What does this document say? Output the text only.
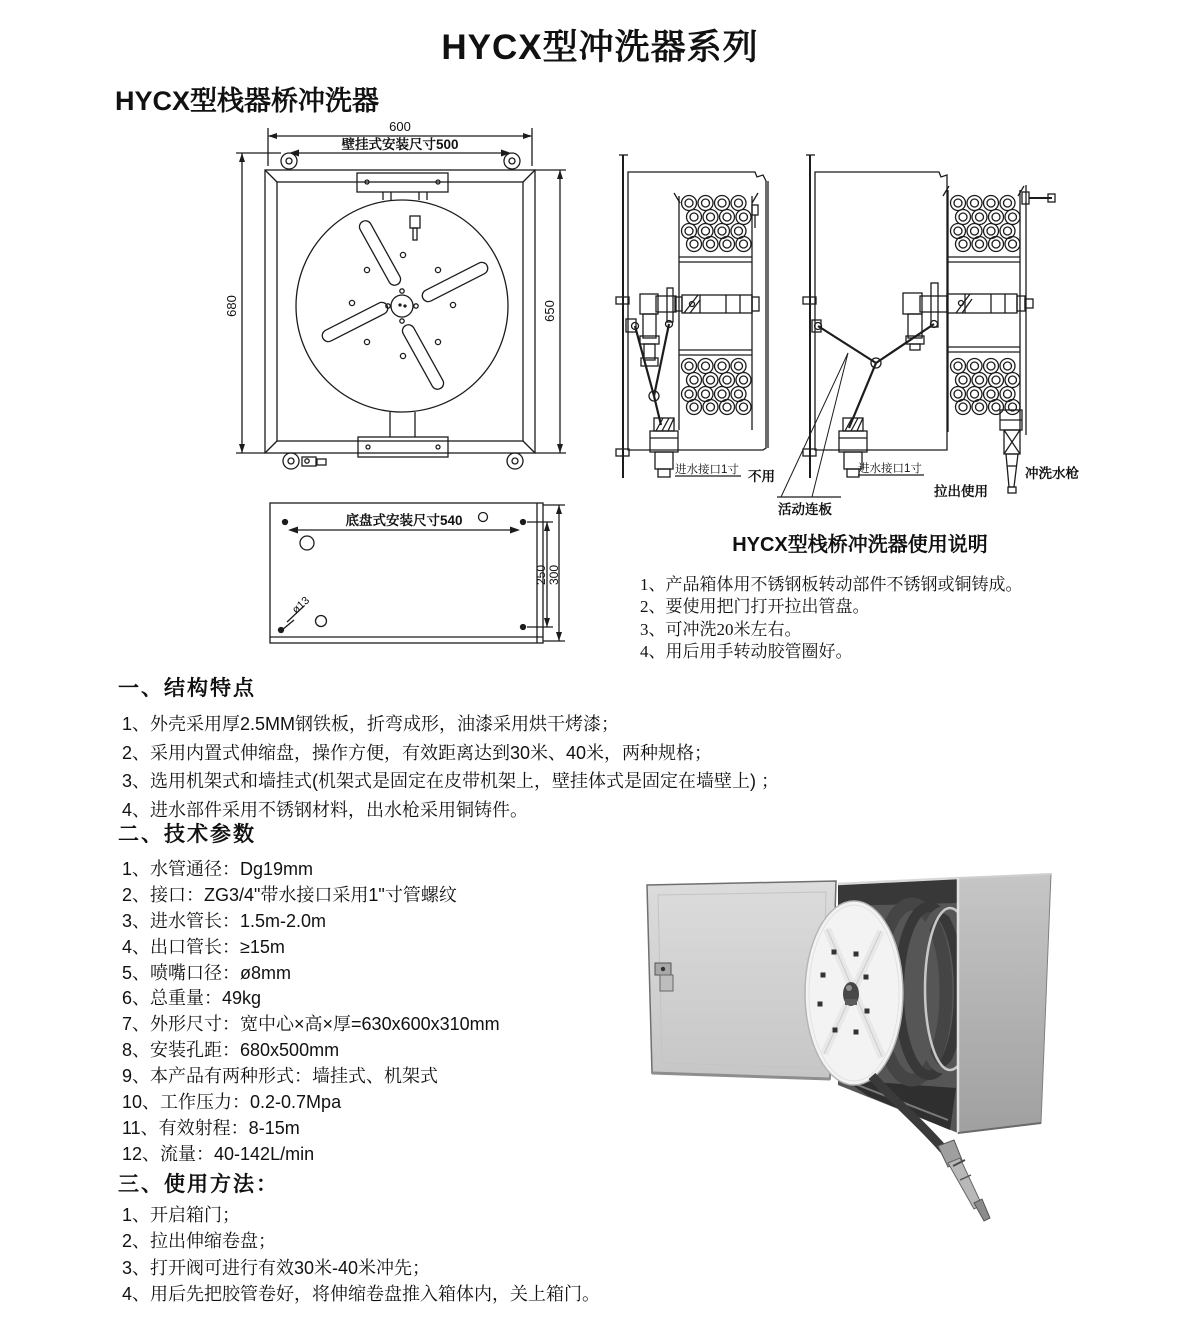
HYCX型冲洗器系列
HYCX型栈器桥冲洗器
600
壁挂式安装尺寸500
680	650
进水接口1寸 不用
活动连板
进水接口1寸
拉出使用
冲洗水枪
底盘式安装尺寸540
ø13
250 300
HYCX型栈桥冲洗器使用说明
1、产品箱体用不锈钢板转动部件不锈钢或铜铸成。
2、要使用把门打开拉出管盘。
3、可冲洗20米左右。
4、用后用手转动胶管圈好。
一、结构特点
1、外壳采用厚2.5MM钢铁板，折弯成形，油漆采用烘干烤漆；
2、采用内置式伸缩盘，操作方便，有效距离达到30米、40米，两种规格；
3、选用机架式和墙挂式(机架式是固定在皮带机架上，壁挂体式是固定在墙壁上) ；
4、进水部件采用不锈钢材料，出水枪采用铜铸件。
二、技术参数
1、水管通径：Dg19mm
2、接口：ZG3/4"带水接口采用1"寸管螺纹
3、进水管长：1.5m-2.0m
4、出口管长：≥15m
5、喷嘴口径：ø8mm
6、总重量：49kg
7、外形尺寸：宽中心×高×厚=630x600x310mm
8、安装孔距：680x500mm
9、本产品有两种形式：墙挂式、机架式
10、工作压力：0.2-0.7Mpa
11、有效射程：8-15m
12、流量：40-142L/min
三、使用方法：
1、开启箱门；
2、拉出伸缩卷盘；
3、打开阀可进行有效30米-40米冲先；
4、用后先把胶管卷好，将伸缩卷盘推入箱体内，关上箱门。
